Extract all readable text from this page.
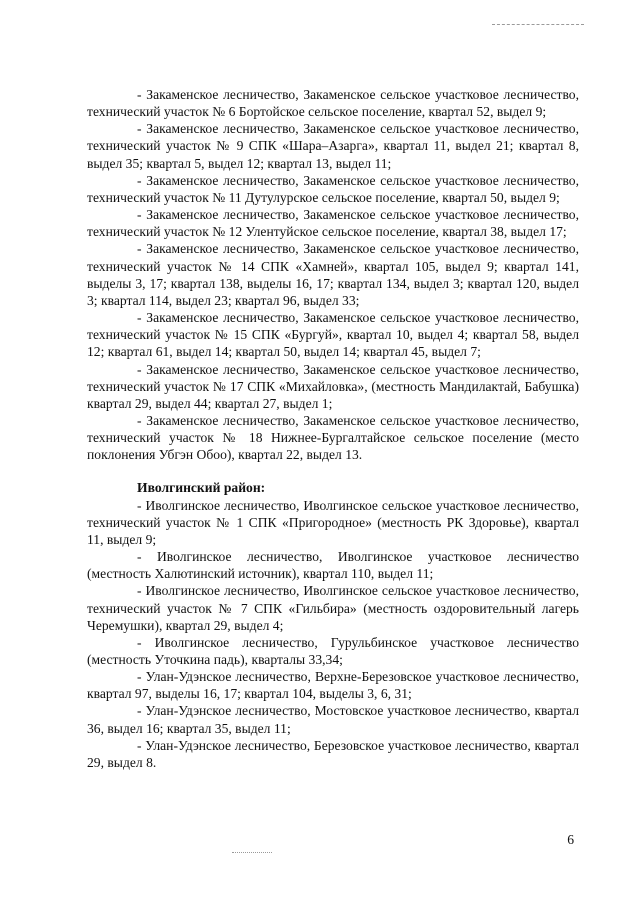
- Закаменское лесничество, Закаменское сельское участковое лесничество, технический участок № 6 Бортойское сельское поселение, квартал 52, выдел 9;

- Закаменское лесничество, Закаменское сельское участковое лесничество, технический участок № 9 СПК «Шара–Азарга», квартал 11, выдел 21; квартал 8, выдел 35; квартал 5, выдел 12; квартал 13, выдел 11;

- Закаменское лесничество, Закаменское сельское участковое лесничество, технический участок № 11 Дутулурское сельское поселение, квартал 50, выдел 9;

- Закаменское лесничество, Закаменское сельское участковое лесничество, технический участок № 12 Улентуйское сельское поселение, квартал 38, выдел 17;

- Закаменское лесничество, Закаменское сельское участковое лесничество, технический участок № 14 СПК «Хамней», квартал 105, выдел 9; квартал 141, выделы 3, 17; квартал 138, выделы 16, 17; квартал 134, выдел 3; квартал 120, выдел 3; квартал 114, выдел 23; квартал 96, выдел 33;

- Закаменское лесничество, Закаменское сельское участковое лесничество, технический участок № 15 СПК «Бургуй», квартал 10, выдел 4; квартал 58, выдел 12; квартал 61, выдел 14; квартал 50, выдел 14; квартал 45, выдел 7;

- Закаменское лесничество, Закаменское сельское участковое лесничество, технический участок № 17 СПК «Михайловка», (местность Мандилактай, Бабушка) квартал 29, выдел 44; квартал 27, выдел 1;

- Закаменское лесничество, Закаменское сельское участковое лесничество, технический участок № 18 Нижнее-Бургалтайское сельское поселение (место поклонения Убгэн Обоо), квартал 22, выдел 13.

Иволгинский район:

- Иволгинское лесничество, Иволгинское сельское участковое лесничество, технический участок № 1 СПК «Пригородное» (местность РК Здоровье), квартал 11, выдел 9;

- Иволгинское лесничество, Иволгинское участковое лесничество (местность Халютинский источник), квартал 110, выдел 11;

- Иволгинское лесничество, Иволгинское сельское участковое лесничество, технический участок № 7 СПК «Гильбира» (местность оздоровительный лагерь Черемушки), квартал 29, выдел 4;

- Иволгинское лесничество, Гурульбинское участковое лесничество (местность Уточкина падь), кварталы 33,34;

- Улан-Удэнское лесничество, Верхне-Березовское участковое лесничество, квартал 97, выделы 16, 17; квартал 104, выделы 3, 6, 31;

- Улан-Удэнское лесничество, Мостовское участковое лесничество, квартал 36, выдел 16; квартал 35, выдел 11;

- Улан-Удэнское лесничество, Березовское участковое лесничество, квартал 29, выдел 8.

6
